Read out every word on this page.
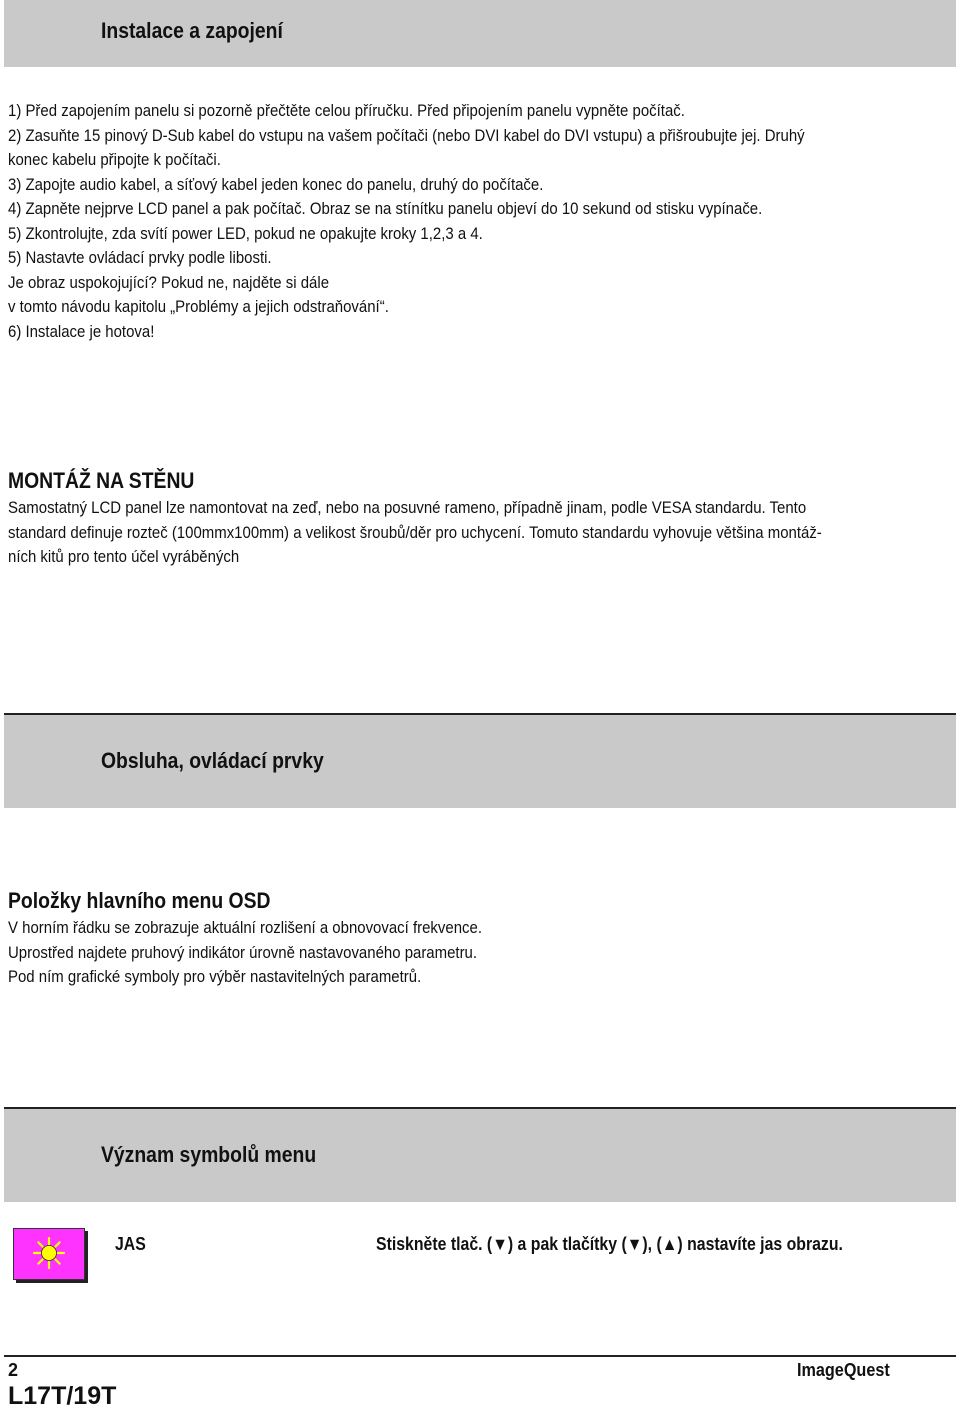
Instalace a zapojení
1) Před zapojením panelu si pozorně přečtěte celou příručku. Před připojením panelu vypněte počítač.
2) Zasuňte 15 pinový D-Sub kabel do vstupu na vašem počítači (nebo DVI kabel do DVI vstupu) a přišroubujte jej. Druhý
konec kabelu připojte k počítači.
3) Zapojte audio kabel, a síťový kabel jeden konec do panelu, druhý do počítače.
4) Zapněte nejprve LCD panel a pak počítač. Obraz se na stínítku panelu objeví do 10 sekund od stisku vypínače.
5) Zkontrolujte, zda svítí power LED, pokud ne opakujte kroky 1,2,3 a 4.
5) Nastavte ovládací prvky podle libosti.
Je obraz uspokojující? Pokud ne, najděte si dále
v tomto návodu kapitolu „Problémy a jejich odstraňování“.
6) Instalace je hotova!
MONTÁŽ NA STĚNU
Samostatný LCD panel lze namontovat na zeď, nebo na posuvné rameno, případně jinam, podle VESA standardu. Tento
standard definuje rozteč (100mmx100mm) a velikost šroubů/děr pro uchycení. Tomuto standardu vyhovuje většina montáž-
ních kitů pro tento účel vyráběných
Obsluha, ovládací prvky
Položky hlavního menu OSD
V horním řádku se zobrazuje aktuální rozlišení a obnovovací frekvence.
Uprostřed najdete pruhový indikátor úrovně nastavovaného parametru.
Pod ním grafické symboly pro výběr nastavitelných parametrů.
Význam symbolů menu
JAS	Stiskněte tlač. (▼) a pak tlačítky (▼), (▲) nastavíte jas obrazu.
2	ImageQuest
L17T/19T
